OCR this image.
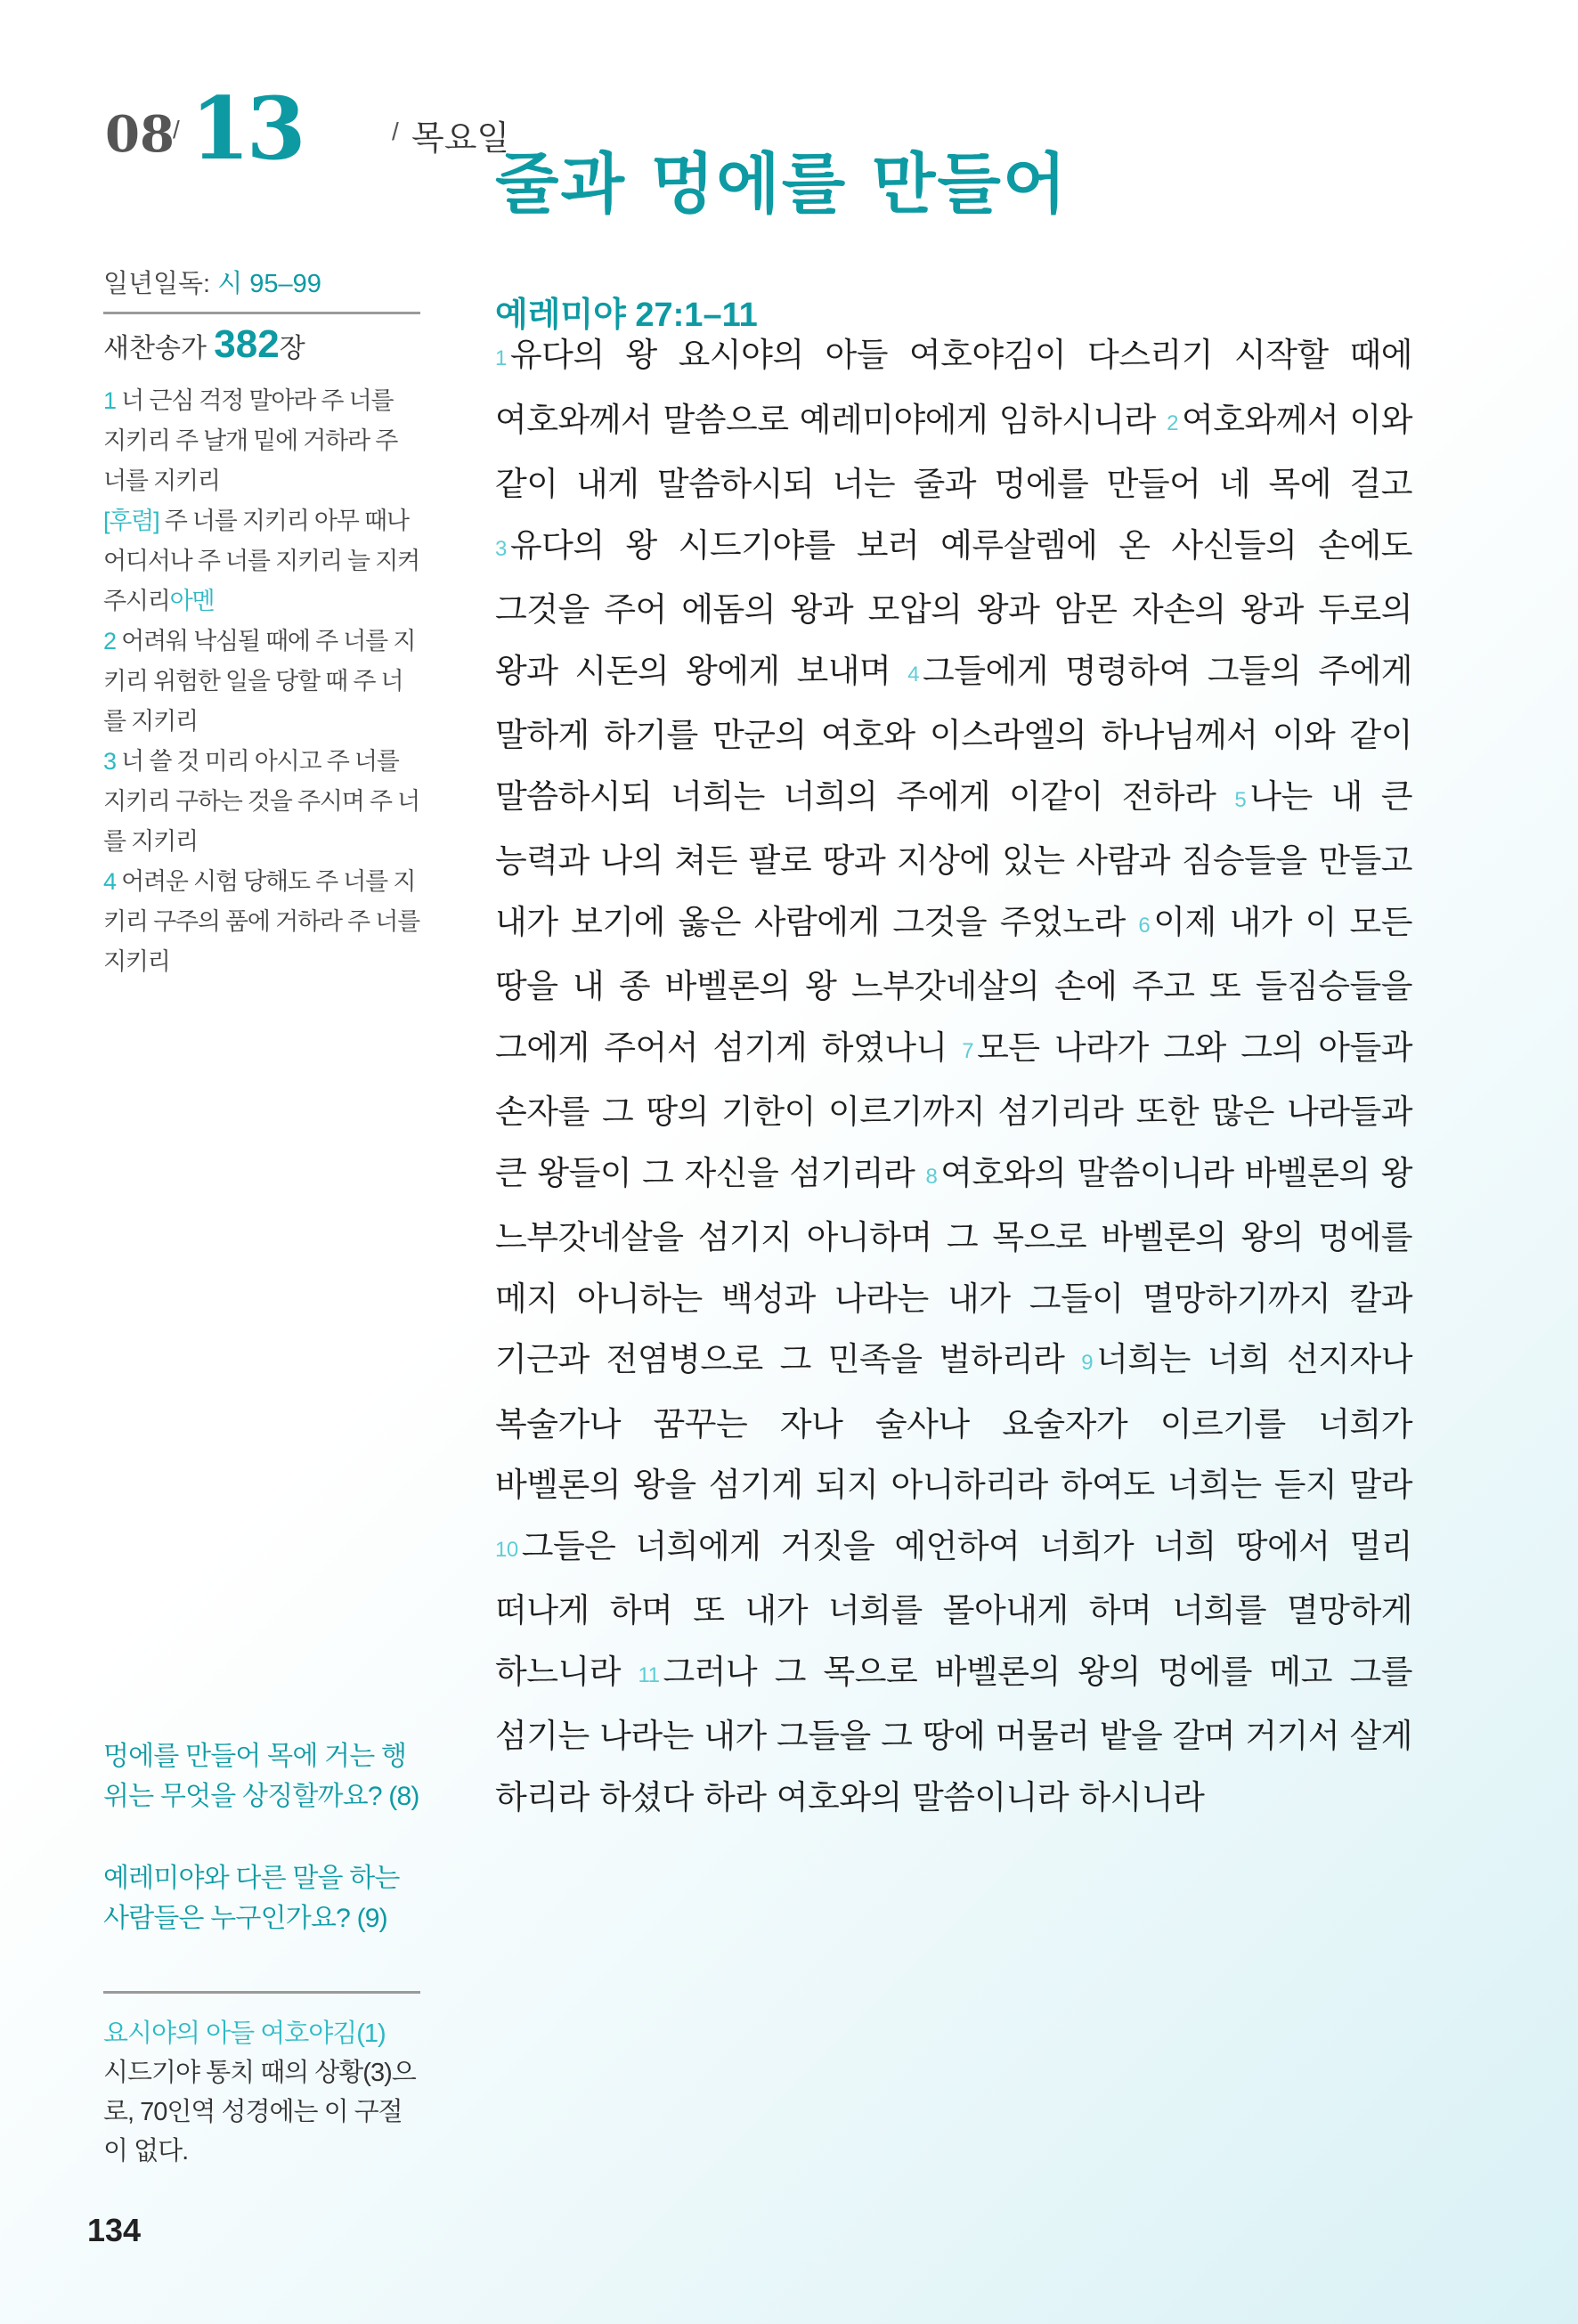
08
/ 13	/ 목요일
줄과 멍에를 만들어
일년일독: 시 95–99
새찬송가 382장

1 너 근심 걱정 말아라 주 너를 지키리 주 날개 밑에 거하라 주 너를 지키리

[후렴] 주 너를 지키리 아무 때나 어디서나 주 너를 지키리 늘 지켜 주시리아멘

2 어려워 낙심될 때에 주 너를 지키리 위험한 일을 당할 때 주 너를 지키리

3 너 쓸 것 미리 아시고 주 너를 지키리 구하는 것을 주시며 주 너를 지키리

4 어려운 시험 당해도 주 너를 지키리 구주의 품에 거하라 주 너를 지키리

멍에를 만들어 목에 거는 행위는 무엇을 상징할까요? (8)
예레미야와 다른 말을 하는 사람들은 누구인가요? (9)
요시야의 아들 여호야김(1)
시드기야 통치 때의 상황(3)으로, 70인역 성경에는 이 구절이 없다.
134
예레미야 27:1–11
1 유다의 왕 요시야의 아들 여호야김이 다스리기 시작할 때에 여호와께서 말씀으로 예레미야에게 임하시니라 2 여호와께서 이와 같이 내게 말씀하시되 너는 줄과 멍에를 만들어 네 목에 걸고 3 유다의 왕 시드기야를 보러 예루살렘에 온 사신들의 손에도 그것을 주어 에돔의 왕과 모압의 왕과 암몬 자손의 왕과 두로의 왕과 시돈의 왕에게 보내며 4 그들에게 명령하여 그들의 주에게 말하게 하기를 만군의 여호와 이스라엘의 하나님께서 이와 같이 말씀하시되 너희는 너희의 주에게 이같이 전하라 5 나는 내 큰 능력과 나의 쳐든 팔로 땅과 지상에 있는 사람과 짐승들을 만들고 내가 보기에 옳은 사람에게 그것을 주었노라 6 이제 내가 이 모든 땅을 내 종 바벨론의 왕 느부갓네살의 손에 주고 또 들짐승들을 그에게 주어서 섬기게 하였나니 7 모든 나라가 그와 그의 아들과 손자를 그 땅의 기한이 이르기까지 섬기리라 또한 많은 나라들과 큰 왕들이 그 자신을 섬기리라 8 여호와의 말씀이니라 바벨론의 왕 느부갓네살을 섬기지 아니하며 그 목으로 바벨론의 왕의 멍에를 메지 아니하는 백성과 나라는 내가 그들이 멸망하기까지 칼과 기근과 전염병으로 그 민족을 벌하리라 9 너희는 너희 선지자나 복술가나 꿈꾸는 자나 술사나 요술자가 이르기를 너희가 바벨론의 왕을 섬기게 되지 아니하리라 하여도 너희는 듣지 말라 10 그들은 너희에게 거짓을 예언하여 너희가 너희 땅에서 멀리 떠나게 하며 또 내가 너희를 몰아내게 하며 너희를 멸망하게 하느니라 11 그러나 그 목으로 바벨론의 왕의 멍에를 메고 그를 섬기는 나라는 내가 그들을 그 땅에 머물러 밭을 갈며 거기서 살게 하리라 하셨다 하라 여호와의 말씀이니라 하시니라
